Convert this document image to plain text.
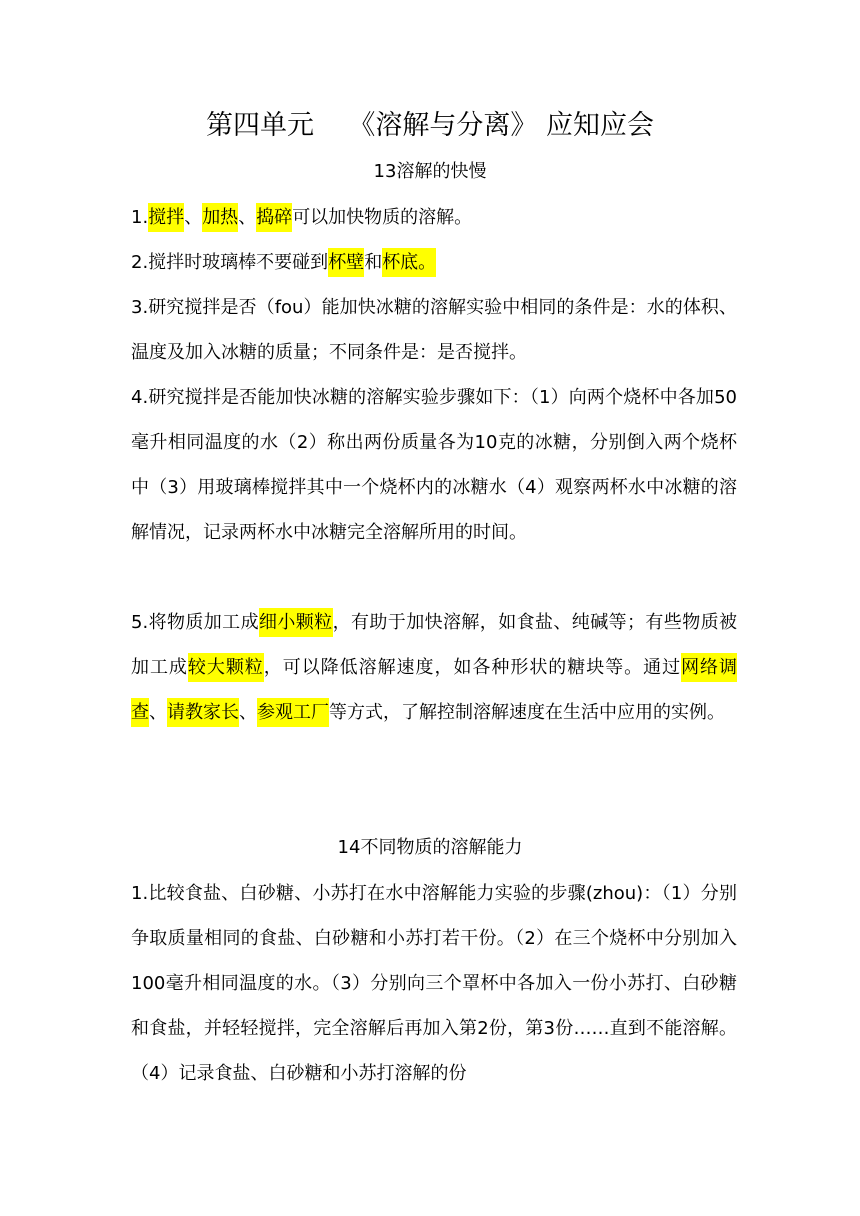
第四单元    《溶解与分离》 应知应会
13溶解的快慢
1.搅拌、加热、捣碎可以加快物质的溶解。
2.搅拌时玻璃棒不要碰到杯壁和杯底。
3.研究搅拌是否（fou）能加快冰糖的溶解实验中相同的条件是：水的体积、温度及加入冰糖的质量；不同条件是：是否搅拌。
4.研究搅拌是否能加快冰糖的溶解实验步骤如下：（1）向两个烧杯中各加50毫升相同温度的水（2）称出两份质量各为10克的冰糖，分别倒入两个烧杯中（3）用玻璃棒搅拌其中一个烧杯内的冰糖水（4）观察两杯水中冰糖的溶解情况，记录两杯水中冰糖完全溶解所用的时间。
5.将物质加工成细小颗粒，有助于加快溶解，如食盐、纯碱等；有些物质被加工成较大颗粒，可以降低溶解速度，如各种形状的糖块等。通过网络调查、请教家长、参观工厂等方式，了解控制溶解速度在生活中应用的实例。
14不同物质的溶解能力
1.比较食盐、白砂糖、小苏打在水中溶解能力实验的步骤(zhou)：（1）分别争取质量相同的食盐、白砂糖和小苏打若干份。（2）在三个烧杯中分别加入100毫升相同温度的水。（3）分别向三个罩杯中各加入一份小苏打、白砂糖和食盐，并轻轻搅拌，完全溶解后再加入第2份，第3份……直到不能溶解。（4）记录食盐、白砂糖和小苏打溶解的份
